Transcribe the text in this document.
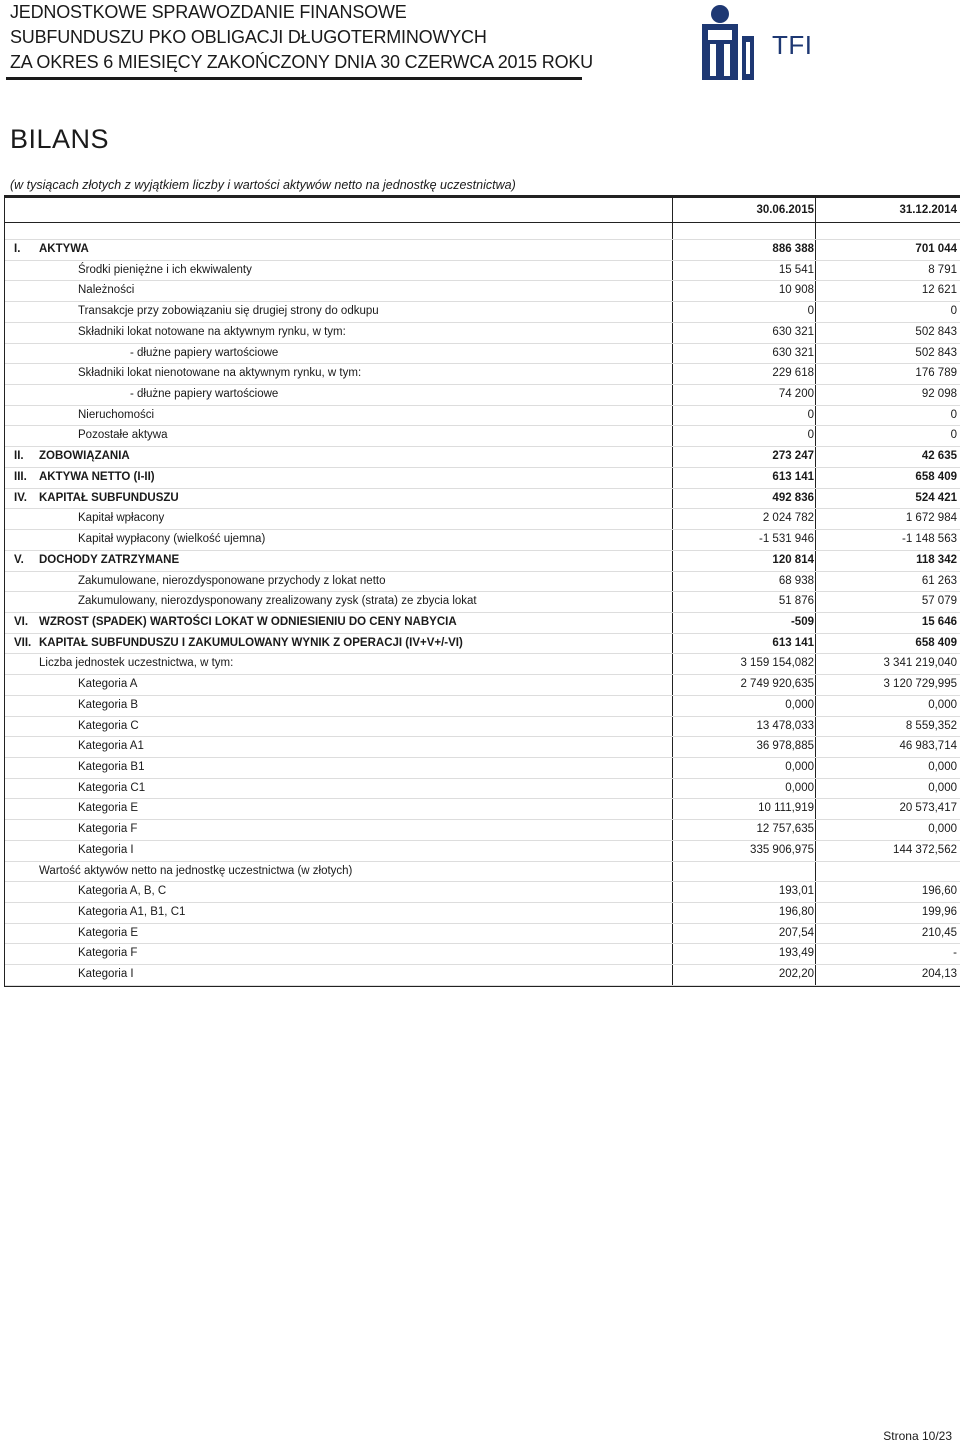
JEDNOSTKOWE SPRAWOZDANIE FINANSOWE
SUBFUNDUSZU PKO OBLIGACJI DŁUGOTERMINOWYCH
ZA OKRES 6 MIESIĘCY ZAKOŃCZONY DNIA 30 CZERWCA 2015 ROKU
TFI
BILANS
(w tysiącach złotych z wyjątkiem liczby i wartości aktywów netto na jednostkę uczestnictwa)
30.06.2015	31.12.2014
I. AKTYWA	886 388	701 044
Środki pieniężne i ich ekwiwalenty	15 541	8 791
Należności	10 908	12 621
Transakcje przy zobowiązaniu się drugiej strony do odkupu	0	0
Składniki lokat notowane na aktywnym rynku, w tym:	630 321	502 843
- dłużne papiery wartościowe	630 321	502 843
Składniki lokat nienotowane na aktywnym rynku, w tym:	229 618	176 789
- dłużne papiery wartościowe	74 200	92 098
Nieruchomości	0	0
Pozostałe aktywa	0	0
II. ZOBOWIĄZANIA	273 247	42 635
III. AKTYWA NETTO (I-II)	613 141	658 409
IV. KAPITAŁ SUBFUNDUSZU	492 836	524 421
Kapitał wpłacony	2 024 782	1 672 984
Kapitał wypłacony (wielkość ujemna)	-1 531 946	-1 148 563
V. DOCHODY ZATRZYMANE	120 814	118 342
Zakumulowane, nierozdysponowane przychody z lokat netto	68 938	61 263
Zakumulowany, nierozdysponowany zrealizowany zysk (strata) ze zbycia lokat	51 876	57 079
VI. WZROST (SPADEK) WARTOŚCI LOKAT W ODNIESIENIU DO CENY NABYCIA	-509	15 646
VII. KAPITAŁ SUBFUNDUSZU I ZAKUMULOWANY WYNIK Z OPERACJI (IV+V+/-VI)	613 141	658 409
Liczba jednostek uczestnictwa, w tym:	3 159 154,082	3 341 219,040
Kategoria A	2 749 920,635	3 120 729,995
Kategoria B	0,000	0,000
Kategoria C	13 478,033	8 559,352
Kategoria A1	36 978,885	46 983,714
Kategoria B1	0,000	0,000
Kategoria C1	0,000	0,000
Kategoria E	10 111,919	20 573,417
Kategoria F	12 757,635	0,000
Kategoria I	335 906,975	144 372,562
Wartość aktywów netto na jednostkę uczestnictwa (w złotych)
Kategoria A, B, C	193,01	196,60
Kategoria A1, B1, C1	196,80	199,96
Kategoria E	207,54	210,45
Kategoria F	193,49	-
Kategoria I	202,20	204,13
Strona 10/23
